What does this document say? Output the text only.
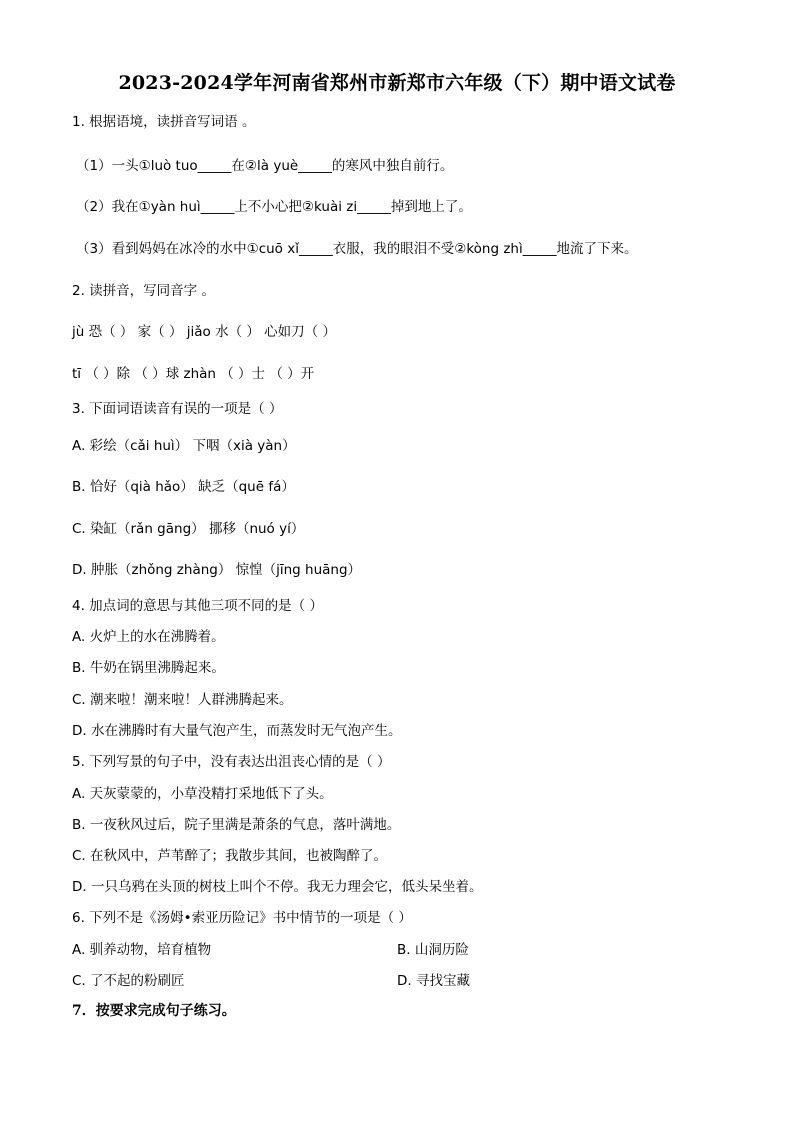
2023-2024学年河南省郑州市新郑市六年级（下）期中语文试卷
1. 根据语境，读拼音写词语 。
（1）一头①luò tuo_____在②là yuè_____的寒风中独自前行。
（2）我在①yàn huì_____上不小心把②kuài zi_____掉到地上了。
（3）看到妈妈在冰冷的水中①cuō xǐ_____衣服，我的眼泪不受②kòng zhì_____地流了下来。
2. 读拼音，写同音字 。
jù 恐（ ） 家（ ） jiǎo 水（ ） 心如刀（ ）
tī （ ）除 （ ）球 zhàn （ ）士 （ ）开
3. 下面词语读音有误的一项是（ ）
A. 彩绘（cǎi huì） 下咽（xià yàn）
B. 恰好（qià hǎo） 缺乏（quē fá）
C. 染缸（rǎn gāng） 挪移（nuó yí）
D. 肿胀（zhǒng zhàng） 惊惶（jīng huāng）
4. 加点词的意思与其他三项不同的是（ ）
A. 火炉上的水在沸腾着。
B. 牛奶在锅里沸腾起来。
C. 潮来啦！潮来啦！人群沸腾起来。
D. 水在沸腾时有大量气泡产生，而蒸发时无气泡产生。
5. 下列写景的句子中，没有表达出沮丧心情的是（ ）
A. 天灰蒙蒙的，小草没精打采地低下了头。
B. 一夜秋风过后，院子里满是萧条的气息，落叶满地。
C. 在秋风中，芦苇醉了；我散步其间，也被陶醉了。
D. 一只乌鸦在头顶的树枝上叫个不停。我无力理会它，低头呆坐着。
6. 下列不是《汤姆•索亚历险记》书中情节的一项是（ ）
A. 驯养动物，培育植物	B. 山洞历险
C. 了不起的粉刷匠	D. 寻找宝藏
7．按要求完成句子练习。
